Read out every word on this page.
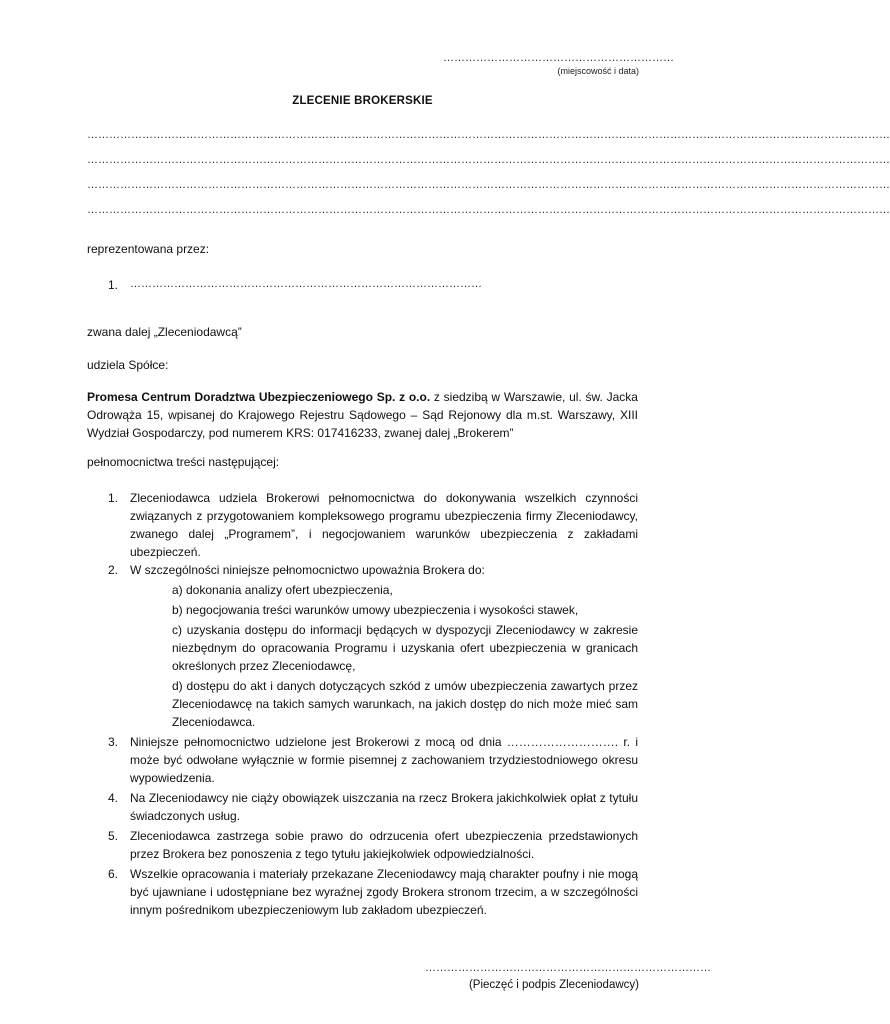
………………………………………………………
(miejscowość i data)
ZLECENIE BROKERSKIE
…………………………………………………………………………………………………………………………………………………………………………………………………
…………………………………………………………………………………………………………………………………………………………………………………………………
…………………………………………………………………………………………………………………………………………………………………………………………………
…………………………………………………………………………………………………………………………………………………………………………………………………
reprezentowana przez:
1. ……………………………………………………………………………………
zwana dalej „Zleceniodawcą”
udziela Spółce:
Promesa Centrum Doradztwa Ubezpieczeniowego Sp. z o.o. z siedzibą w Warszawie, ul. św. Jacka Odrowąża 15, wpisanej do Krajowego Rejestru Sądowego – Sąd Rejonowy dla m.st. Warszawy, XIII Wydział Gospodarczy, pod numerem KRS: 017416233, zwanej dalej „Brokerem”
pełnomocnictwa treści następującej:
1. Zleceniodawca udziela Brokerowi pełnomocnictwa do dokonywania wszelkich czynności związanych z przygotowaniem kompleksowego programu ubezpieczenia firmy Zleceniodawcy, zwanego dalej „Programem”, i negocjowaniem warunków ubezpieczenia z zakładami ubezpieczeń.
2. W szczególności niniejsze pełnomocnictwo upoważnia Brokera do:
a) dokonania analizy ofert ubezpieczenia,
b) negocjowania treści warunków umowy ubezpieczenia i wysokości stawek,
c) uzyskania dostępu do informacji będących w dyspozycji Zleceniodawcy w zakresie niezbędnym do opracowania Programu i uzyskania ofert ubezpieczenia w granicach określonych przez Zleceniodawcę,
d) dostępu do akt i danych dotyczących szkód z umów ubezpieczenia zawartych przez Zleceniodawcę na takich samych warunkach, na jakich dostęp do nich może mieć sam Zleceniodawca.
3. Niniejsze pełnomocnictwo udzielone jest Brokerowi z mocą od dnia ………………………. r. i może być odwołane wyłącznie w formie pisemnej z zachowaniem trzydziestodniowego okresu wypowiedzenia.
4. Na Zleceniodawcy nie ciąży obowiązek uiszczania na rzecz Brokera jakichkolwiek opłat z tytułu świadczonych usług.
5. Zleceniodawca zastrzega sobie prawo do odrzucenia ofert ubezpieczenia przedstawionych przez Brokera bez ponoszenia z tego tytułu jakiejkolwiek odpowiedzialności.
6. Wszelkie opracowania i materiały przekazane Zleceniodawcy mają charakter poufny i nie mogą być ujawniane i udostępniane bez wyraźnej zgody Brokera stronom trzecim, a w szczególności innym pośrednikom ubezpieczeniowym lub zakładom ubezpieczeń.
……………………………………………………………………
(Pieczęć i podpis Zleceniodawcy)
